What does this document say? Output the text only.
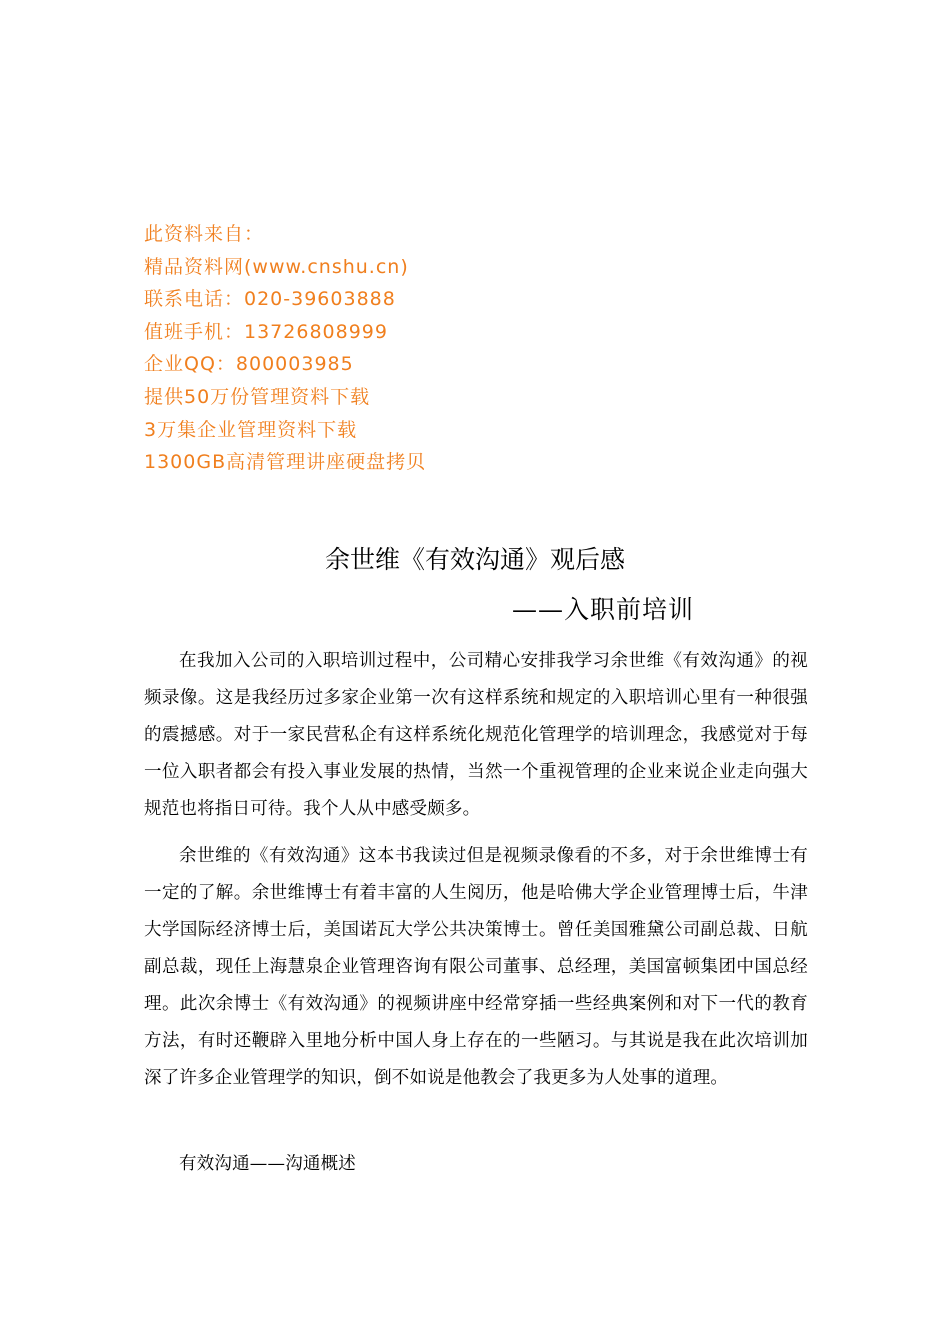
此资料来自：
精品资料网(www.cnshu.cn)
联系电话：020-39603888
值班手机：13726808999
企业QQ：800003985
提供50万份管理资料下载
3万集企业管理资料下载
1300GB高清管理讲座硬盘拷贝
余世维《有效沟通》观后感
——入职前培训

在我加入公司的入职培训过程中，公司精心安排我学习余世维《有效沟通》的视频录像。这是我经历过多家企业第一次有这样系统和规定的入职培训心里有一种很强的震撼感。对于一家民营私企有这样系统化规范化管理学的培训理念，我感觉对于每一位入职者都会有投入事业发展的热情，当然一个重视管理的企业来说企业走向强大规范也将指日可待。我个人从中感受颇多。

余世维的《有效沟通》这本书我读过但是视频录像看的不多，对于余世维博士有一定的了解。余世维博士有着丰富的人生阅历，他是哈佛大学企业管理博士后，牛津大学国际经济博士后，美国诺瓦大学公共决策博士。曾任美国雅黛公司副总裁、日航副总裁，现任上海慧泉企业管理咨询有限公司董事、总经理，美国富顿集团中国总经理。此次余博士《有效沟通》的视频讲座中经常穿插一些经典案例和对下一代的教育方法，有时还鞭辟入里地分析中国人身上存在的一些陋习。与其说是我在此次培训加深了许多企业管理学的知识，倒不如说是他教会了我更多为人处事的道理。

有效沟通——沟通概述
